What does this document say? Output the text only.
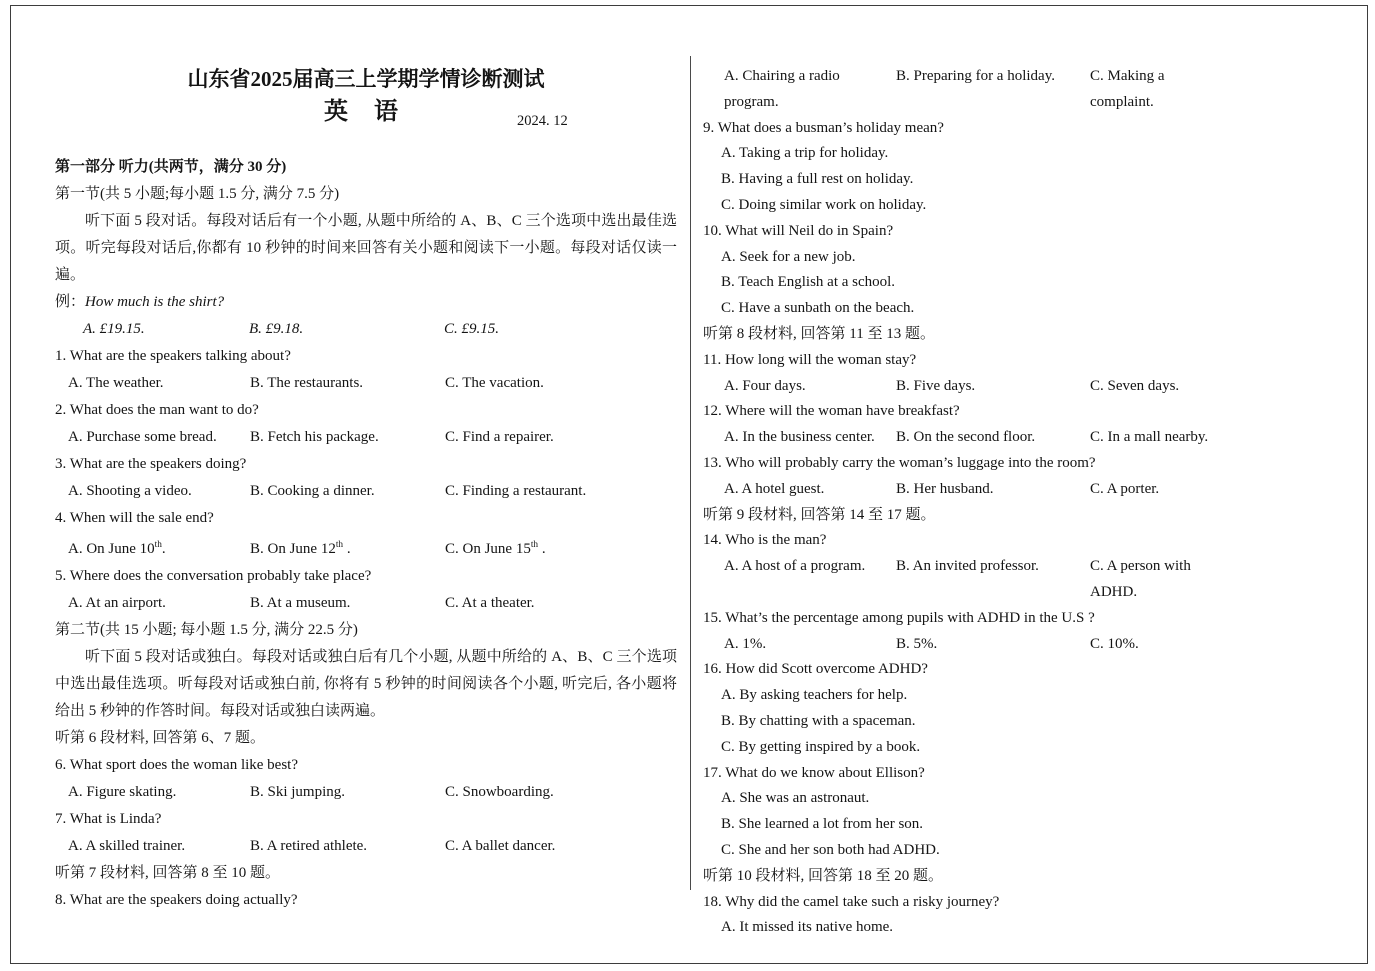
山东省2025届高三上学期学情诊断测试
英 语	2024. 12
第一部分 听力(共两节，满分 30 分)
第一节(共 5 小题;每小题 1.5 分, 满分 7.5 分)
听下面 5 段对话。每段对话后有一个小题, 从题中所给的 A、B、C 三个选项中选出最佳选项。听完每段对话后,你都有 10 秒钟的时间来回答有关小题和阅读下一小题。每段对话仅读一遍。
例：How much is the shirt?
A. £19.15.	B. £9.18.	C. £9.15.
1. What are the speakers talking about?
A. The weather.	B. The restaurants.	C. The vacation.
2. What does the man want to do?
A. Purchase some bread.	B. Fetch his package.	C. Find a repairer.
3. What are the speakers doing?
A. Shooting a video.	B. Cooking a dinner.	C. Finding a restaurant.
4. When will the sale end?
A. On June 10th.	B. On June 12th .	C. On June 15th .
5. Where does the conversation probably take place?
A. At an airport.	B. At a museum.	C. At a theater.
第二节(共 15 小题; 每小题 1.5 分, 满分 22.5 分)
听下面 5 段对话或独白。每段对话或独白后有几个小题, 从题中所给的 A、B、C 三个选项中选出最佳选项。听每段对话或独白前, 你将有 5 秒钟的时间阅读各个小题, 听完后, 各小题将给出 5 秒钟的作答时间。每段对话或独白读两遍。
听第 6 段材料, 回答第 6、7 题。
6. What sport does the woman like best?
A. Figure skating.	B. Ski jumping.	C. Snowboarding.
7. What is Linda?
A. A skilled trainer.	B. A retired athlete.	C. A ballet dancer.
听第 7 段材料, 回答第 8 至 10 题。
8. What are the speakers doing actually?
A. Chairing a radio program.
B. Preparing for a holiday.	C. Making a complaint.
9. What does a busman’s holiday mean?
A. Taking a trip for holiday.
B. Having a full rest on holiday.
C. Doing similar work on holiday.
10. What will Neil do in Spain?
A. Seek for a new job.
B. Teach English at a school.
C. Have a sunbath on the beach.
听第 8 段材料, 回答第 11 至 13 题。
11. How long will the woman stay?
A. Four days.	B. Five days.	C. Seven days.
12. Where will the woman have breakfast?
A. In the business center.	B. On the second floor.	C. In a mall nearby.
13. Who will probably carry the woman’s luggage into the room?
A. A hotel guest.	B. Her husband.	C. A porter.
听第 9 段材料, 回答第 14 至 17 题。
14. Who is the man?
A. A host of a program.	B. An invited professor.	C. A person with ADHD.
15. What’s the percentage among pupils with ADHD in the U.S ?
A. 1%.	B. 5%.	C. 10%.
16. How did Scott overcome ADHD?
A. By asking teachers for help.
B. By chatting with a spaceman.
C. By getting inspired by a book.
17. What do we know about Ellison?
A. She was an astronaut.
B. She learned a lot from her son.
C. She and her son both had ADHD.
听第 10 段材料, 回答第 18 至 20 题。
18. Why did the camel take such a risky journey?
A. It missed its native home.
